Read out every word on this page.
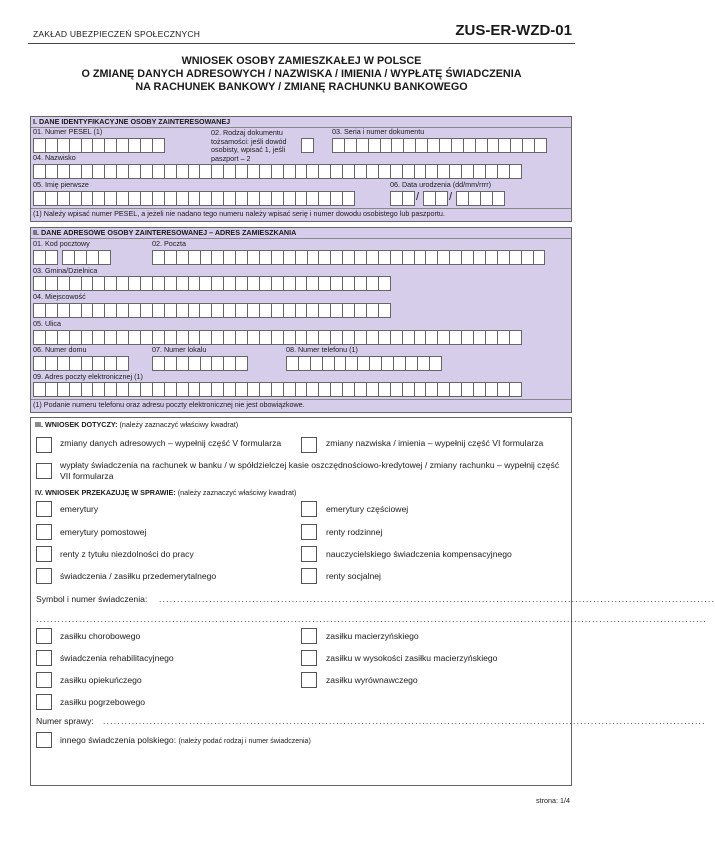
ZAKŁAD UBEZPIECZEŃ SPOŁECZNYCH	ZUS-ER-WZD-01
WNIOSEK OSOBY ZAMIESZKAŁEJ W POLSCE
O ZMIANĘ DANYCH ADRESOWYCH / NAZWISKA / IMIENIA / WYPŁATĘ ŚWIADCZENIA
NA RACHUNEK BANKOWY / ZMIANĘ RACHUNKU BANKOWEGO
I. DANE IDENTYFIKACYJNE OSOBY ZAINTERESOWANEJ
01. Numer PESEL (1)	02. Rodzaj dokumentu tożsamości: jeśli dowód osobisty, wpisać 1, jeśli paszport – 2
03. Seria i numer dokumentu
04. Nazwisko
05. Imię pierwsze	06. Data urodzenia (dd/mm/rrrr)
/	/
(1) Należy wpisać numer PESEL, a jeżeli nie nadano tego numeru należy wpisać serię i numer dowodu osobistego lub paszportu.
II. DANE ADRESOWE OSOBY ZAINTERESOWANEJ – ADRES ZAMIESZKANIA
01. Kod pocztowy	02. Poczta
03. Gmina/Dzielnica
04. Miejscowość
05. Ulica
06. Numer domu	07. Numer lokalu	08. Numer telefonu (1)
09. Adres poczty elektronicznej (1)
(1) Podanie numeru telefonu oraz adresu poczty elektronicznej nie jest obowiązkowe.
III. WNIOSEK DOTYCZY: (należy zaznaczyć właściwy kwadrat)
zmiany danych adresowych – wypełnij część V formularza	zmiany nazwiska / imienia – wypełnij część VI formularza
wypłaty świadczenia na rachunek w banku / w spółdzielczej kasie oszczędnościowo-kredytowej / zmiany rachunku – wypełnij część VII formularza
IV. WNIOSEK PRZEKAZUJĘ W SPRAWIE: (należy zaznaczyć właściwy kwadrat)
emerytury	emerytury częściowej
emerytury pomostowej	renty rodzinnej
renty z tytułu niezdolności do pracy	nauczycielskiego świadczenia kompensacyjnego
świadczenia / zasiłku przedemerytalnego	renty socjalnej
Symbol i numer świadczenia: ...........................................................................................................................................................
...........................................................................................................................................................................................
zasiłku chorobowego	zasiłku macierzyńskiego
świadczenia rehabilitacyjnego	zasiłku w wysokości zasiłku macierzyńskiego
zasiłku opiekuńczego	zasiłku wyrównawczego
zasiłku pogrzebowego
Numer sprawy: ........................................................................................................................................................................
innego świadczenia polskiego: (należy podać rodzaj i numer świadczenia)
strona: 1/4
